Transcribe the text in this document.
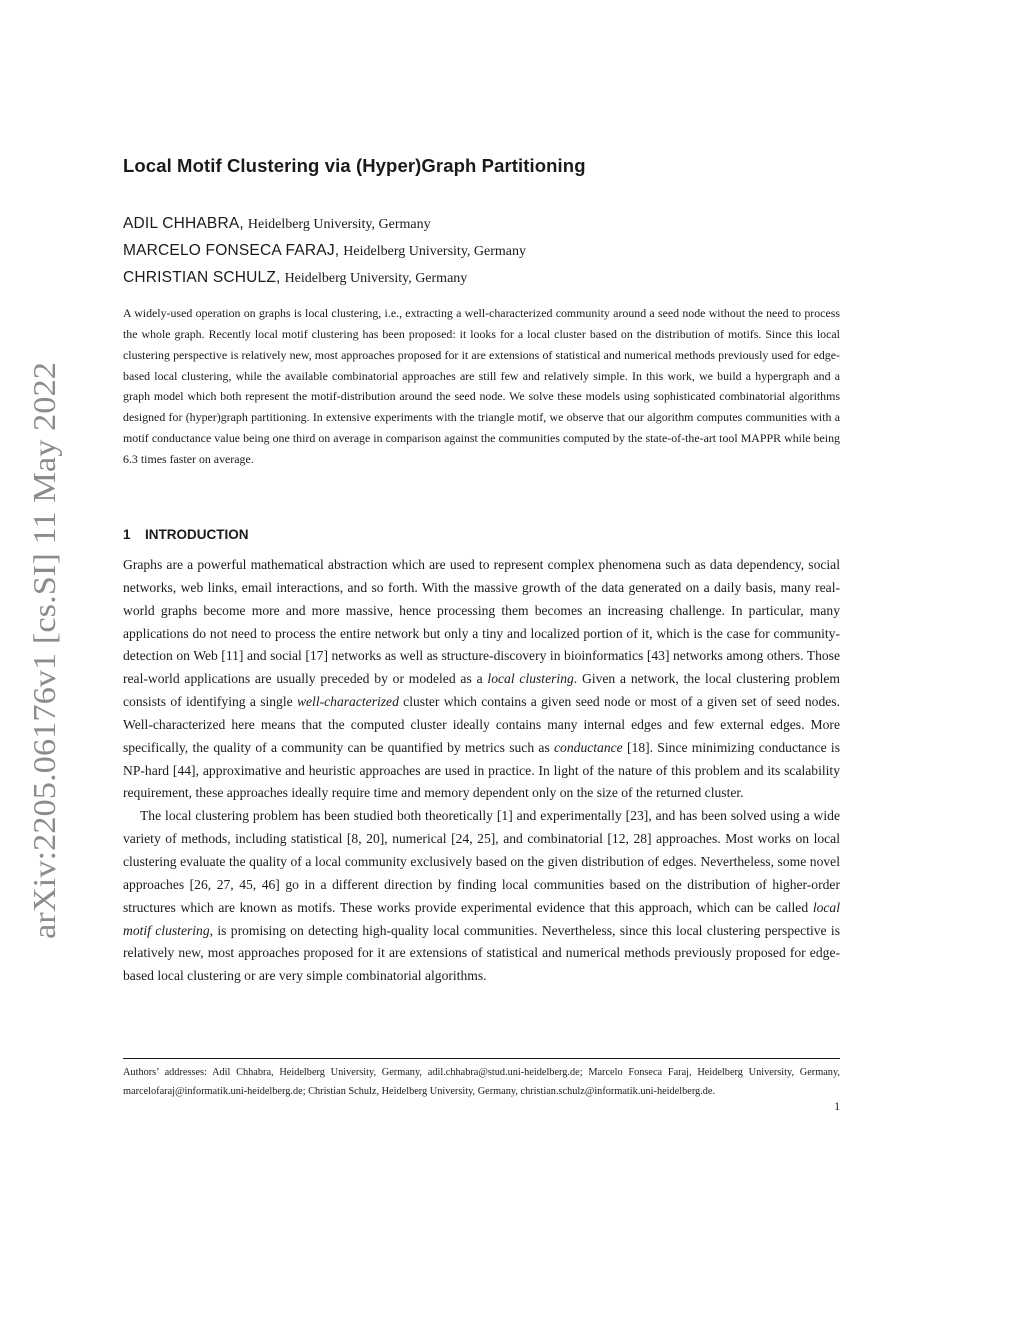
arXiv:2205.06176v1 [cs.SI] 11 May 2022
Local Motif Clustering via (Hyper)Graph Partitioning
ADIL CHHABRA, Heidelberg University, Germany
MARCELO FONSECA FARAJ, Heidelberg University, Germany
CHRISTIAN SCHULZ, Heidelberg University, Germany
A widely-used operation on graphs is local clustering, i.e., extracting a well-characterized community around a seed node without the need to process the whole graph. Recently local motif clustering has been proposed: it looks for a local cluster based on the distribution of motifs. Since this local clustering perspective is relatively new, most approaches proposed for it are extensions of statistical and numerical methods previously used for edge-based local clustering, while the available combinatorial approaches are still few and relatively simple. In this work, we build a hypergraph and a graph model which both represent the motif-distribution around the seed node. We solve these models using sophisticated combinatorial algorithms designed for (hyper)graph partitioning. In extensive experiments with the triangle motif, we observe that our algorithm computes communities with a motif conductance value being one third on average in comparison against the communities computed by the state-of-the-art tool MAPPR while being 6.3 times faster on average.
1 INTRODUCTION

Graphs are a powerful mathematical abstraction which are used to represent complex phenomena such as data dependency, social networks, web links, email interactions, and so forth. With the massive growth of the data generated on a daily basis, many real-world graphs become more and more massive, hence processing them becomes an increasing challenge. In particular, many applications do not need to process the entire network but only a tiny and localized portion of it, which is the case for community-detection on Web [11] and social [17] networks as well as structure-discovery in bioinformatics [43] networks among others. Those real-world applications are usually preceded by or modeled as a local clustering. Given a network, the local clustering problem consists of identifying a single well-characterized cluster which contains a given seed node or most of a given set of seed nodes. Well-characterized here means that the computed cluster ideally contains many internal edges and few external edges. More specifically, the quality of a community can be quantified by metrics such as conductance [18]. Since minimizing conductance is NP-hard [44], approximative and heuristic approaches are used in practice. In light of the nature of this problem and its scalability requirement, these approaches ideally require time and memory dependent only on the size of the returned cluster.

The local clustering problem has been studied both theoretically [1] and experimentally [23], and has been solved using a wide variety of methods, including statistical [8, 20], numerical [24, 25], and combinatorial [12, 28] approaches. Most works on local clustering evaluate the quality of a local community exclusively based on the given distribution of edges. Nevertheless, some novel approaches [26, 27, 45, 46] go in a different direction by finding local communities based on the distribution of higher-order structures which are known as motifs. These works provide experimental evidence that this approach, which can be called local motif clustering, is promising on detecting high-quality local communities. Nevertheless, since this local clustering perspective is relatively new, most approaches proposed for it are extensions of statistical and numerical methods previously proposed for edge-based local clustering or are very simple combinatorial algorithms.

Authors’ addresses: Adil Chhabra, Heidelberg University, Germany, adil.chhabra@stud.uni-heidelberg.de; Marcelo Fonseca Faraj, Heidelberg University, Germany, marcelofaraj@informatik.uni-heidelberg.de; Christian Schulz, Heidelberg University, Germany, christian.schulz@informatik.uni-heidelberg.de.
1
